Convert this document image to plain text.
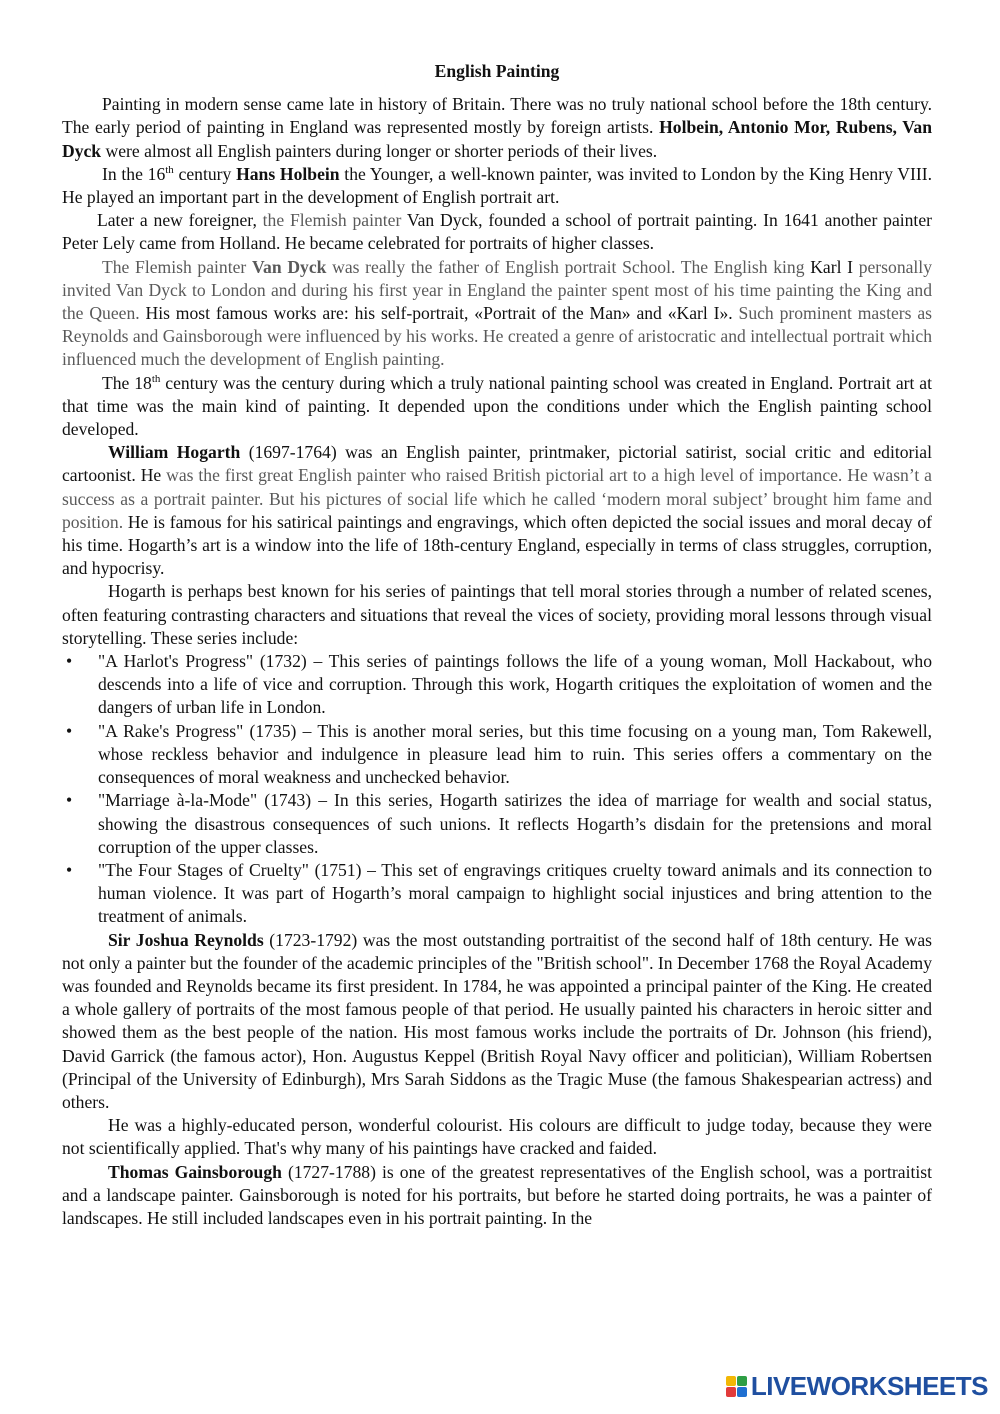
English Painting

Painting in modern sense came late in history of Britain. There was no truly national school before the 18th century. The early period of painting in England was represented mostly by foreign artists. Holbein, Antonio Mor, Rubens, Van Dyck were almost all English painters during longer or shorter periods of their lives.

In the 16th century Hans Holbein the Younger, a well-known painter, was invited to London by the King Henry VIII. He played an important part in the development of English portrait art.

Later a new foreigner, the Flemish painter Van Dyck, founded a school of portrait painting. In 1641 another painter Peter Lely came from Holland. He became celebrated for portraits of higher classes.

The Flemish painter Van Dyck was really the father of English portrait School. The English king Karl I personally invited Van Dyck to London and during his first year in England the painter spent most of his time painting the King and the Queen. His most famous works are: his self-portrait, «Portrait of the Man» and «Karl I». Such prominent masters as Reynolds and Gainsborough were influenced by his works. He created a genre of aristocratic and intellectual portrait which influenced much the development of English painting.

The 18th century was the century during which a truly national painting school was created in England. Portrait art at that time was the main kind of painting. It depended upon the conditions under which the English painting school developed.

William Hogarth (1697-1764) was an English painter, printmaker, pictorial satirist, social critic and editorial cartoonist. He was the first great English painter who raised British pictorial art to a high level of importance. He wasn’t a success as a portrait painter. But his pictures of social life which he called ‘modern moral subject’ brought him fame and position. He is famous for his satirical paintings and engravings, which often depicted the social issues and moral decay of his time. Hogarth’s art is a window into the life of 18th-century England, especially in terms of class struggles, corruption, and hypocrisy.

Hogarth is perhaps best known for his series of paintings that tell moral stories through a number of related scenes, often featuring contrasting characters and situations that reveal the vices of society, providing moral lessons through visual storytelling. These series include:

• "A Harlot's Progress" (1732) – This series of paintings follows the life of a young woman, Moll Hackabout, who descends into a life of vice and corruption. Through this work, Hogarth critiques the exploitation of women and the dangers of urban life in London.
• "A Rake's Progress" (1735) – This is another moral series, but this time focusing on a young man, Tom Rakewell, whose reckless behavior and indulgence in pleasure lead him to ruin. This series offers a commentary on the consequences of moral weakness and unchecked behavior.
• "Marriage à-la-Mode" (1743) – In this series, Hogarth satirizes the idea of marriage for wealth and social status, showing the disastrous consequences of such unions. It reflects Hogarth’s disdain for the pretensions and moral corruption of the upper classes.
• "The Four Stages of Cruelty" (1751) – This set of engravings critiques cruelty toward animals and its connection to human violence. It was part of Hogarth’s moral campaign to highlight social injustices and bring attention to the treatment of animals.

Sir Joshua Reynolds (1723-1792) was the most outstanding portraitist of the second half of 18th century. He was not only a painter but the founder of the academic principles of the "British school". In December 1768 the Royal Academy was founded and Reynolds became its first president. In 1784, he was appointed a principal painter of the King. He created a whole gallery of portraits of the most famous people of that period. He usually painted his characters in heroic sitter and showed them as the best people of the nation. His most famous works include the portraits of Dr. Johnson (his friend), David Garrick (the famous actor), Hon. Augustus Keppel (British Royal Navy officer and politician), William Robertsen (Principal of the University of Edinburgh), Mrs Sarah Siddons as the Tragic Muse (the famous Shakespearian actress) and others.

He was a highly-educated person, wonderful colourist. His colours are difficult to judge today, because they were not scientifically applied. That's why many of his paintings have cracked and faided.

Thomas Gainsborough (1727-1788) is one of the greatest representatives of the English school, was a portraitist and a landscape painter. Gainsborough is noted for his portraits, but before he started doing portraits, he was a painter of landscapes. He still included landscapes even in his portrait painting. In the

LIVEWORKSHEETS
